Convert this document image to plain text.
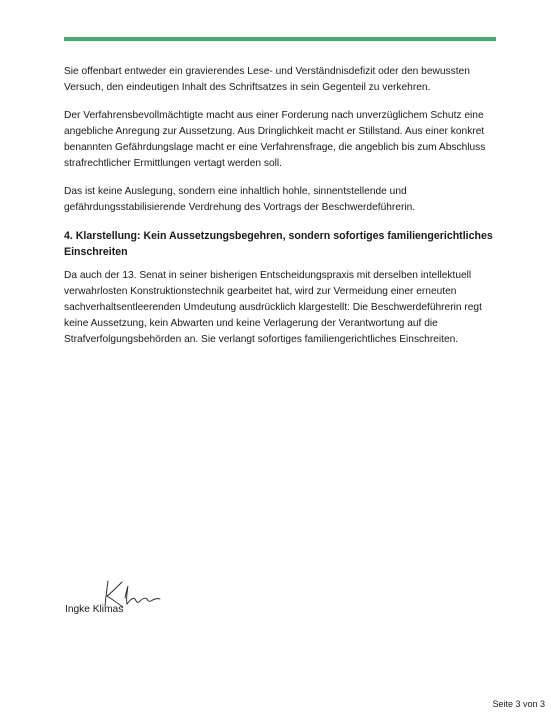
Sie offenbart entweder ein gravierendes Lese- und Verständnisdefizit oder den bewussten Versuch, den eindeutigen Inhalt des Schriftsatzes in sein Gegenteil zu verkehren.

Der Verfahrensbevollmächtigte macht aus einer Forderung nach unverzüglichem Schutz eine angebliche Anregung zur Aussetzung. Aus Dringlichkeit macht er Stillstand. Aus einer konkret benannten Gefährdungslage macht er eine Verfahrensfrage, die angeblich bis zum Abschluss strafrechtlicher Ermittlungen vertagt werden soll.

Das ist keine Auslegung, sondern eine inhaltlich hohle, sinnentstellende und gefährdungsstabilisierende Verdrehung des Vortrags der Beschwerdeführerin.

4. Klarstellung: Kein Aussetzungsbegehren, sondern sofortiges familiengerichtliches Einschreiten

Da auch der 13. Senat in seiner bisherigen Entscheidungspraxis mit derselben intellektuell verwahrlosten Konstruktionstechnik gearbeitet hat, wird zur Vermeidung einer erneuten sachverhaltsentleerenden Umdeutung ausdrücklich klargestellt: Die Beschwerdeführerin regt keine Aussetzung, kein Abwarten und keine Verlagerung der Verantwortung auf die Strafverfolgungsbehörden an. Sie verlangt sofortiges familiengerichtliches Einschreiten.

Ingke Klimas
Seite 3 von 3
